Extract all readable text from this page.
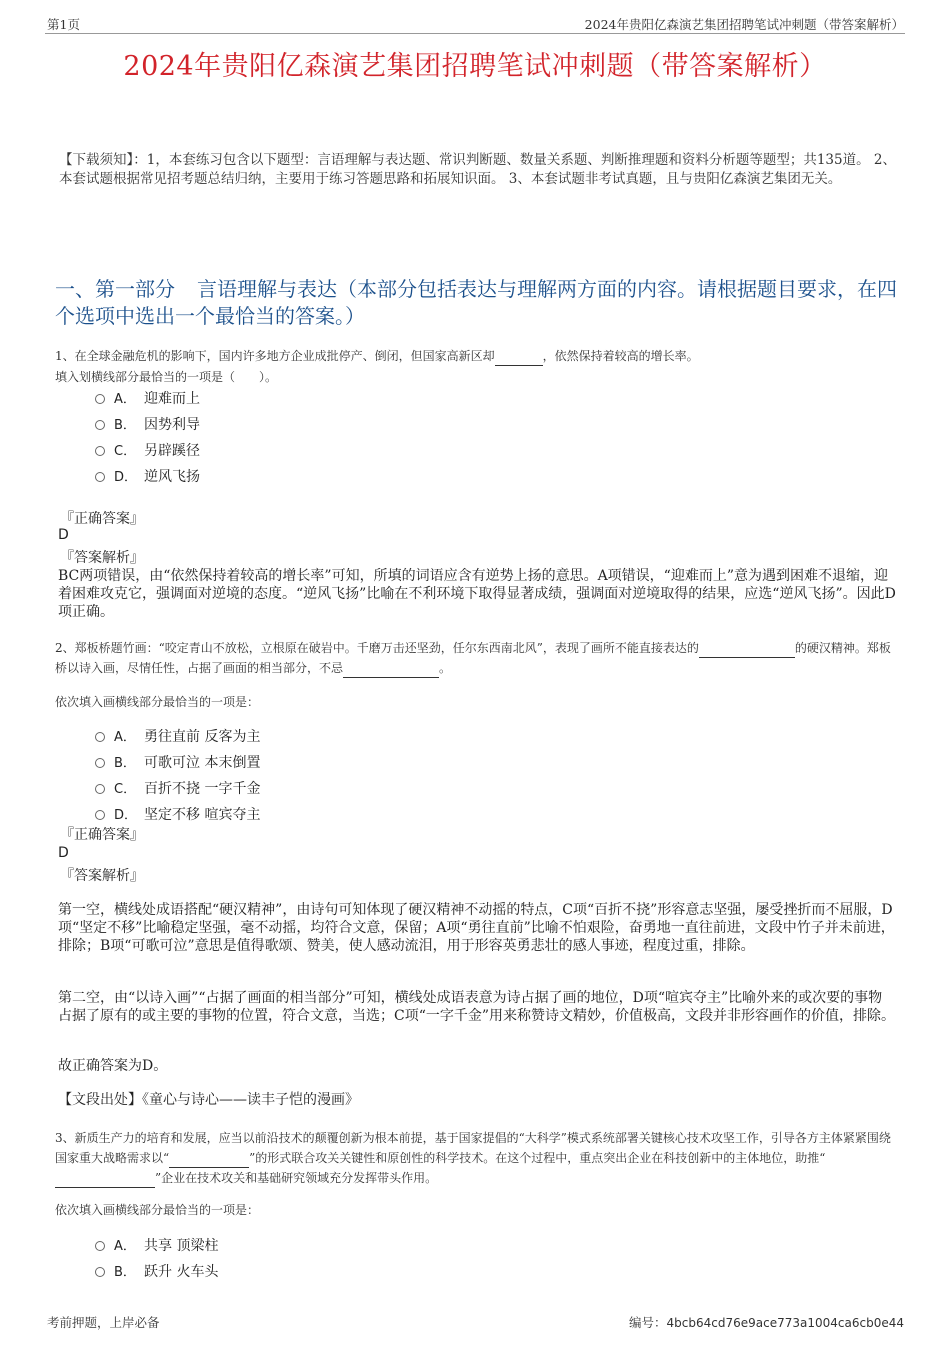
第1页	2024年贵阳亿森演艺集团招聘笔试冲刺题（带答案解析）
2024年贵阳亿森演艺集团招聘笔试冲刺题（带答案解析）
【下载须知】：1，本套练习包含以下题型：言语理解与表达题、常识判断题、数量关系题、判断推理题和资料分析题等题型；共135道。 2、本套试题根据常见招考题总结归纳，主要用于练习答题思路和拓展知识面。 3、本套试题非考试真题，且与贵阳亿森演艺集团无关。
一、第一部分 言语理解与表达（本部分包括表达与理解两方面的内容。请根据题目要求，在四个选项中选出一个最恰当的答案。）
1、在全球金融危机的影响下，国内许多地方企业成批停产、倒闭，但国家高新区却	，依然保持着较高的增长率。
填入划横线部分最恰当的一项是（　　）。
A． 迎难而上
B． 因势利导
C． 另辟蹊径
D． 逆风飞扬
『正确答案』
D
『答案解析』
BC两项错误，由“依然保持着较高的增长率”可知，所填的词语应含有逆势上扬的意思。A项错误，“迎难而上”意为遇到困难不退缩，迎着困难攻克它，强调面对逆境的态度。“逆风飞扬”比喻在不利环境下取得显著成绩，强调面对逆境取得的结果，应选“逆风飞扬”。因此D项正确。
2、郑板桥题竹画：“咬定青山不放松，立根原在破岩中。千磨万击还坚劲，任尔东西南北风”，表现了画所不能直接表达的	的硬汉精神。郑板桥以诗入画，尽情任性，占据了画面的相当部分，不忌	。
依次填入画横线部分最恰当的一项是：
A． 勇往直前 反客为主
B． 可歌可泣 本末倒置
C． 百折不挠 一字千金
D． 坚定不移 喧宾夺主
『正确答案』
D
『答案解析』
第一空，横线处成语搭配“硬汉精神”，由诗句可知体现了硬汉精神不动摇的特点，C项“百折不挠”形容意志坚强，屡受挫折而不屈服，D项“坚定不移”比喻稳定坚强，毫不动摇，均符合文意，保留；A项“勇往直前”比喻不怕艰险，奋勇地一直往前进，文段中竹子并未前进，排除；B项“可歌可泣”意思是值得歌颂、赞美，使人感动流泪，用于形容英勇悲壮的感人事迹，程度过重，排除。
第二空，由“以诗入画”“占据了画面的相当部分”可知，横线处成语表意为诗占据了画的地位，D项“喧宾夺主”比喻外来的或次要的事物占据了原有的或主要的事物的位置，符合文意，当选；C项“一字千金”用来称赞诗文精妙，价值极高，文段并非形容画作的价值，排除。
故正确答案为D。
【文段出处】《童心与诗心——读丰子恺的漫画》
3、新质生产力的培育和发展，应当以前沿技术的颠覆创新为根本前提，基于国家提倡的“大科学”模式系统部署关键核心技术攻坚工作，引导各方主体紧紧围绕国家重大战略需求以“	”的形式联合攻关关键性和原创性的科学技术。在这个过程中，重点突出企业在科技创新中的主体地位，助推“”企业在技术攻关和基础研究领域充分发挥带头作用。
依次填入画横线部分最恰当的一项是：
A． 共享 顶梁柱
B． 跃升 火车头
考前押题，上岸必备	编号：4bcb64cd76e9ace773a1004ca6cb0e44
